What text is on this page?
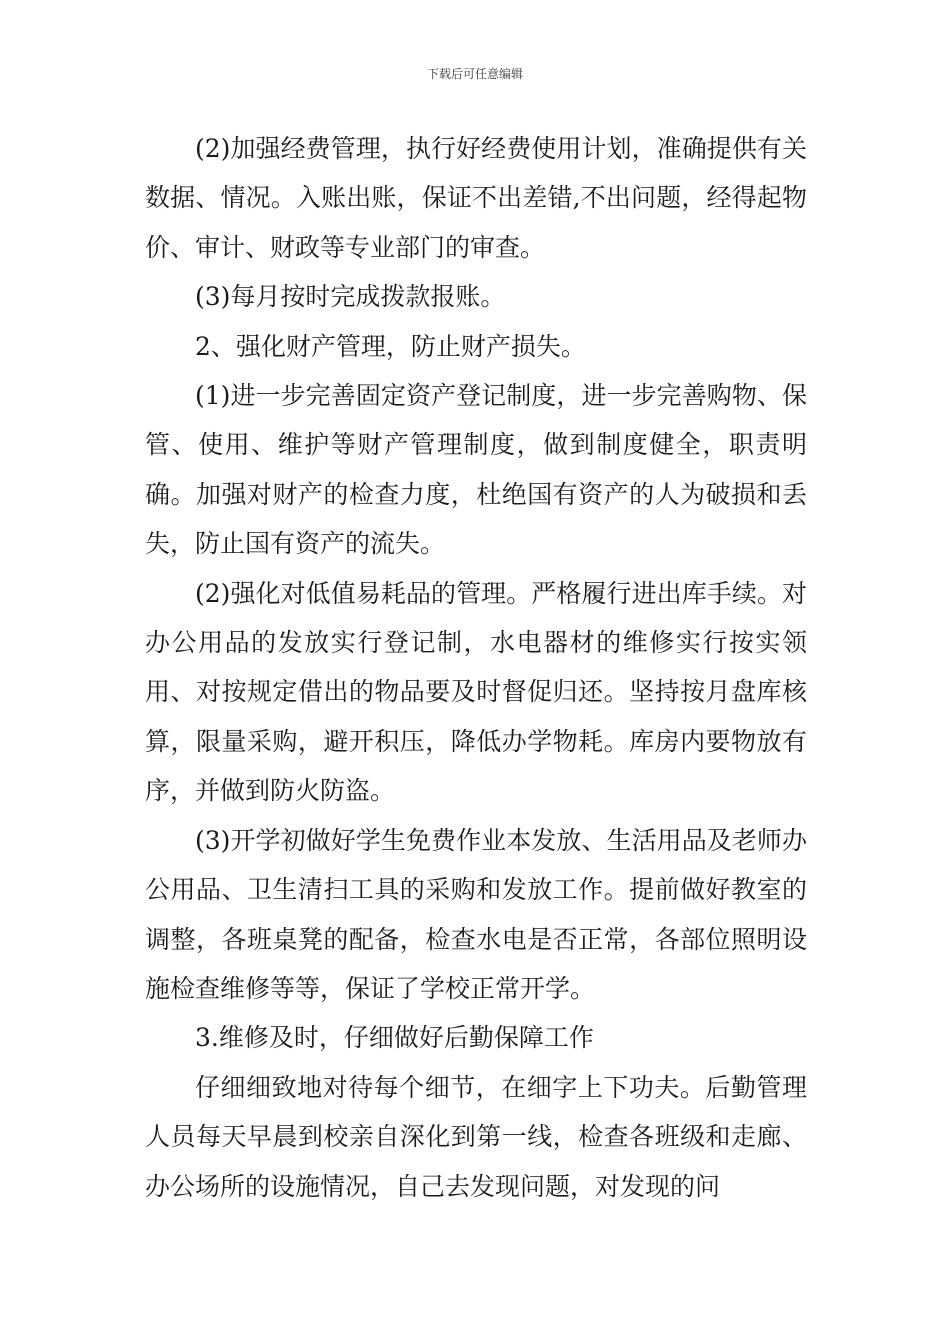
下载后可任意编辑

(2)加强经费管理，执行好经费使用计划，准确提供有关数据、情况。入账出账，保证不出差错,不出问题，经得起物价、审计、财政等专业部门的审查。

(3)每月按时完成拨款报账。

2、强化财产管理，防止财产损失。

(1)进一步完善固定资产登记制度，进一步完善购物、保管、使用、维护等财产管理制度，做到制度健全，职责明确。加强对财产的检查力度，杜绝国有资产的人为破损和丢失，防止国有资产的流失。

(2)强化对低值易耗品的管理。严格履行进出库手续。对办公用品的发放实行登记制，水电器材的维修实行按实领用、对按规定借出的物品要及时督促归还。坚持按月盘库核算，限量采购，避开积压，降低办学物耗。库房内要物放有序，并做到防火防盗。

(3)开学初做好学生免费作业本发放、生活用品及老师办公用品、卫生清扫工具的采购和发放工作。提前做好教室的调整，各班桌凳的配备，检查水电是否正常，各部位照明设施检查维修等等，保证了学校正常开学。

3.维修及时，仔细做好后勤保障工作

仔细细致地对待每个细节，在细字上下功夫。后勤管理人员每天早晨到校亲自深化到第一线，检查各班级和走廊、办公场所的设施情况，自己去发现问题，对发现的问
